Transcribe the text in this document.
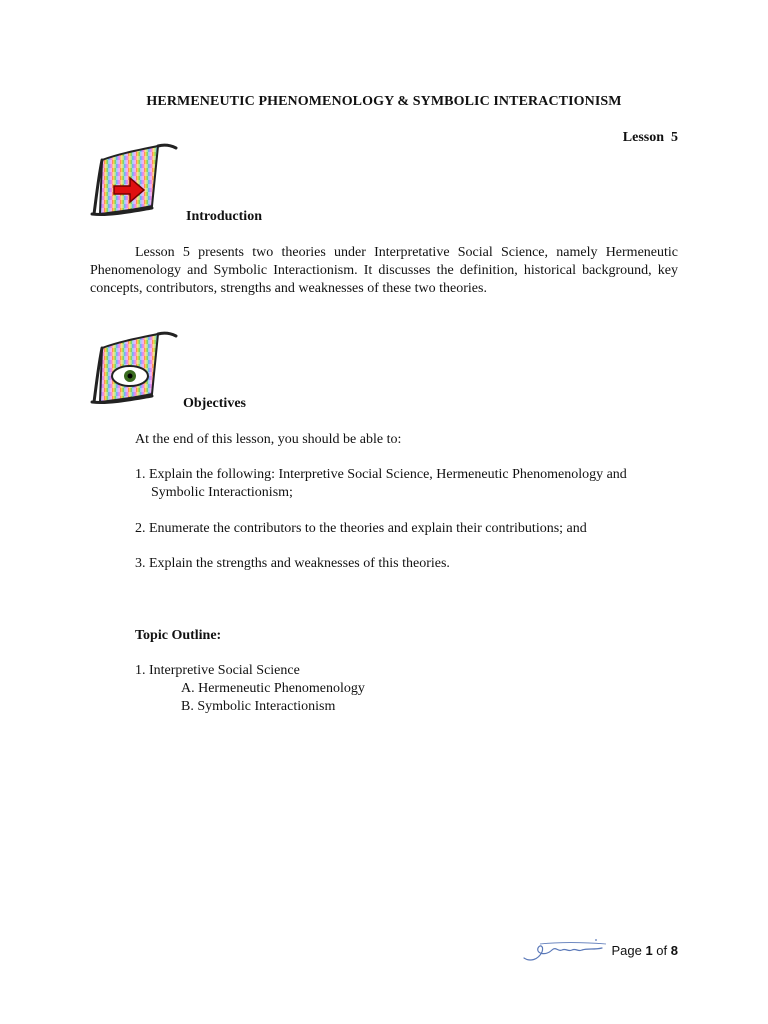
HERMENEUTIC PHENOMENOLOGY & SYMBOLIC INTERACTIONISM
Lesson  5
Introduction
Lesson 5 presents two theories under Interpretative Social Science, namely Hermeneutic Phenomenology and Symbolic Interactionism. It discusses the definition, historical background, key concepts, contributors, strengths and weaknesses of these two theories.
Objectives
At the end of this lesson, you should be able to:
1. Explain the following: Interpretive Social Science, Hermeneutic Phenomenology and
Symbolic Interactionism;
2. Enumerate the contributors to the theories and explain their contributions; and
3. Explain the strengths and weaknesses of this theories.
Topic Outline:
1. Interpretive Social Science
A. Hermeneutic Phenomenology
B. Symbolic Interactionism
Page 1 of 8
